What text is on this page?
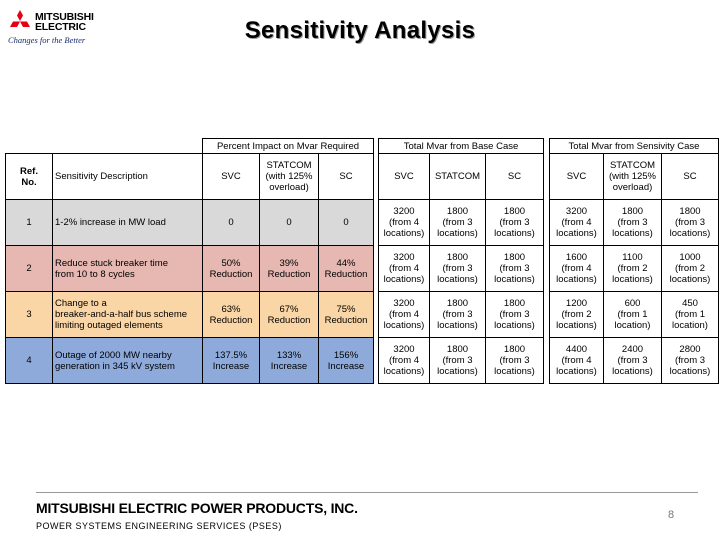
MITSUBISHI
ELECTRIC
Changes for the Better	Sensitivity Analysis
		Percent Impact on Mvar Required				Total Mvar from Base Case				Total Mvar from Sensivity Case		
Ref.
No.	Sensitivity Description	SVC	STATCOM
(with 125%
overload)	SC		SVC	STATCOM	SC		SVC	STATCOM
(with 125%
overload)	SC
1	1-2% increase in MW load	0	0	0		3200
(from 4
locations)	1800
(from 3
locations)	1800
(from 3
locations)		3200
(from 4
locations)	1800
(from 3
locations)	1800
(from 3
locations)
2	Reduce stuck breaker time
from 10 to 8 cycles	50%
Reduction	39%
Reduction	44%
Reduction		3200
(from 4
locations)	1800
(from 3
locations)	1800
(from 3
locations)		1600
(from 4
locations)	1100
(from 2
locations)	1000
(from 2
locations)
3	Change to a
breaker-and-a-half bus scheme
limiting outaged elements	63%
Reduction	67%
Reduction	75%
Reduction		3200
(from 4
locations)	1800
(from 3
locations)	1800
(from 3
locations)		1200
(from 2
locations)	600
(from 1
location)	450
(from 1
location)
4	Outage of 2000 MW nearby
generation in 345 kV system	137.5%
Increase	133%
Increase	156%
Increase		3200
(from 4
locations)	1800
(from 3
locations)	1800
(from 3
locations)		4400
(from 4
locations)	2400
(from 3
locations)	2800
(from 3
locations)
MITSUBISHI ELECTRIC POWER PRODUCTS, INC.
POWER SYSTEMS ENGINEERING SERVICES (PSES)
8
